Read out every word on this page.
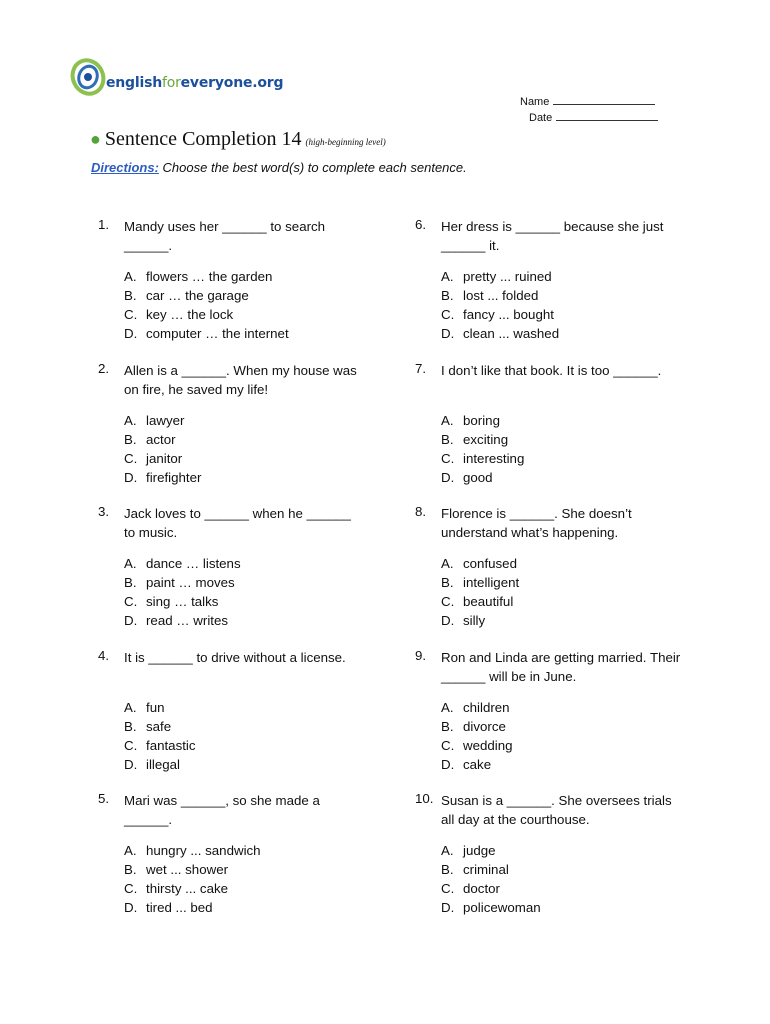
englishforeveryone.org
Name
Date
● Sentence Completion 14 (high-beginning level)
Directions: Choose the best word(s) to complete each sentence.
1.	Mandy uses her ______ to search ______.
A. flowers … the garden
B. car … the garage
C. key … the lock
D. computer … the internet
2.	Allen is a ______. When my house was on fire, he saved my life!
A. lawyer
B. actor
C. janitor
D. firefighter
3.	Jack loves to ______ when he ______ to music.
A. dance … listens
B. paint … moves
C. sing … talks
D. read … writes
4.	It is ______ to drive without a license.
A. fun
B. safe
C. fantastic
D. illegal
5.	Mari was ______, so she made a ______.
A. hungry ... sandwich
B. wet ... shower
C. thirsty ... cake
D. tired ... bed
6.	Her dress is ______ because she just ______ it.
A. pretty ... ruined
B. lost ... folded
C. fancy ... bought
D. clean ... washed
7.	I don’t like that book. It is too ______.
A. boring
B. exciting
C. interesting
D. good
8.	Florence is ______. She doesn’t understand what’s happening.
A. confused
B. intelligent
C. beautiful
D. silly
9.	Ron and Linda are getting married. Their ______ will be in June.
A. children
B. divorce
C. wedding
D. cake
10. Susan is a ______. She oversees trials all day at the courthouse.
A. judge
B. criminal
C. doctor
D. policewoman
